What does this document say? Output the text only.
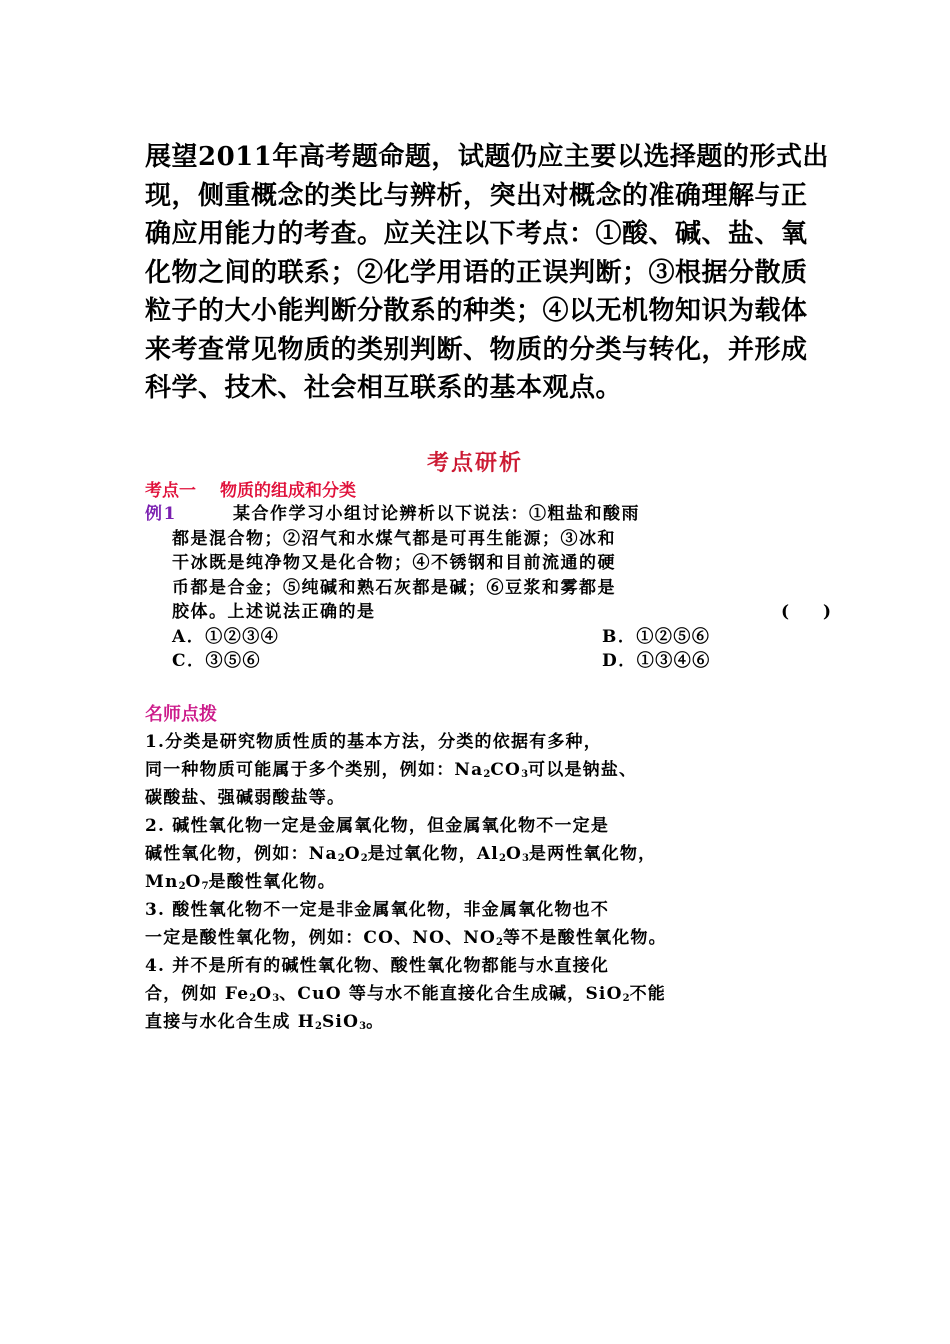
展望2011年高考题命题，试题仍应主要以选择题的形式出
现，侧重概念的类比与辨析，突出对概念的准确理解与正
确应用能力的考查。应关注以下考点：①酸、碱、盐、氧
化物之间的联系；②化学用语的正误判断；③根据分散质
粒子的大小能判断分散系的种类；④以无机物知识为载体
来考查常见物质的类别判断、物质的分类与转化，并形成
科学、技术、社会相互联系的基本观点。
考点研析
考点一 物质的组成和分类
例1	某合作学习小组讨论辨析以下说法：①粗盐和酸雨
都是混合物；②沼气和水煤气都是可再生能源；③冰和
干冰既是纯净物又是化合物；④不锈钢和目前流通的硬
币都是合金；⑤纯碱和熟石灰都是碱；⑥豆浆和雾都是
胶体。上述说法正确的是	(　　)
A．①②③④	B．①②⑤⑥
C．③⑤⑥	D．①③④⑥
名师点拨
1.分类是研究物质性质的基本方法，分类的依据有多种，
同一种物质可能属于多个类别，例如：$Na_2CO_3$可以是钠盐、
碳酸盐、强碱弱酸盐等。
2. 碱性氧化物一定是金属氧化物，但金属氧化物不一定是
碱性氧化物，例如：$Na_2O_2$是过氧化物，$Al_2O_3$是两性氧化物，
$Mn_2O_7$是酸性氧化物。
3. 酸性氧化物不一定是非金属氧化物，非金属氧化物也不
一定是酸性氧化物，例如：CO、NO、$NO_2$等不是酸性氧化物。
4. 并不是所有的碱性氧化物、酸性氧化物都能与水直接化
合，例如 $Fe_2O_3$、CuO 等与水不能直接化合生成碱，SiO$_2$不能
直接与水化合生成 $H_2SiO_3$。
